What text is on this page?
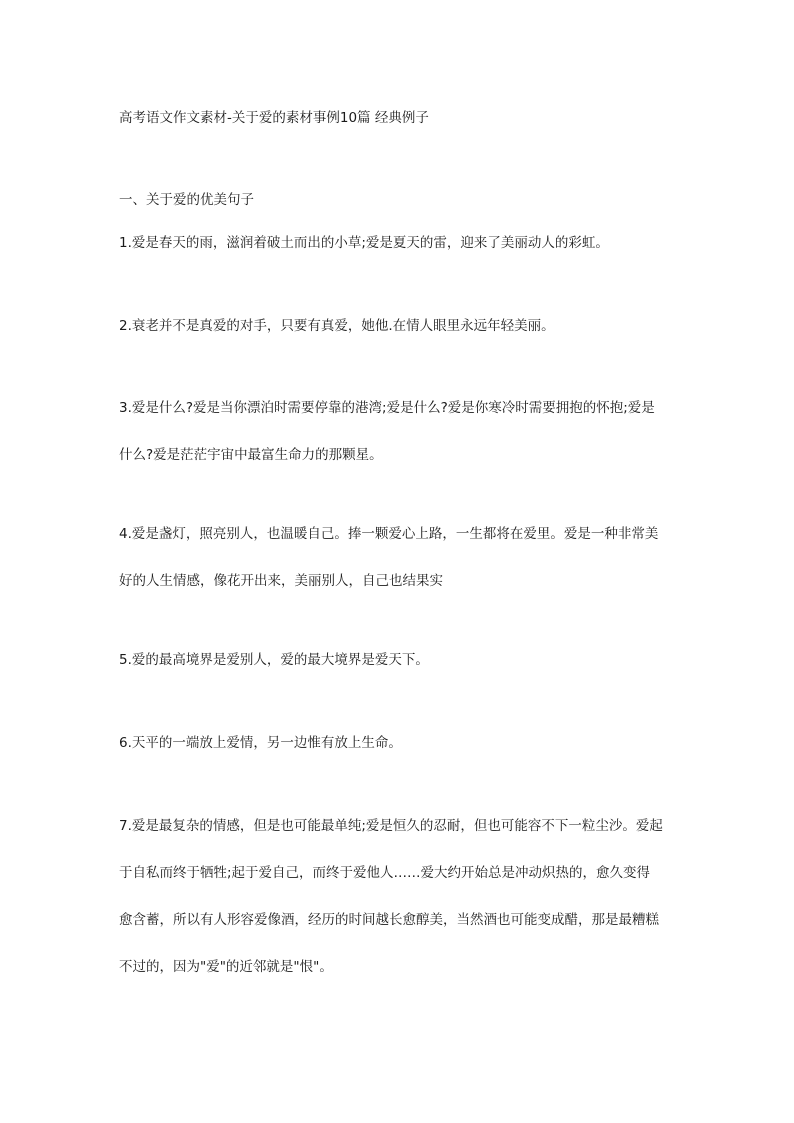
高考语文作文素材-关于爱的素材事例10篇 经典例子
一、关于爱的优美句子
1.爱是春天的雨，滋润着破土而出的小草;爱是夏天的雷，迎来了美丽动人的彩虹。
2.衰老并不是真爱的对手，只要有真爱，她他.在情人眼里永远年轻美丽。
3.爱是什么?爱是当你漂泊时需要停靠的港湾;爱是什么?爱是你寒冷时需要拥抱的怀抱;爱是
什么?爱是茫茫宇宙中最富生命力的那颗星。
4.爱是盏灯，照亮别人，也温暖自己。捧一颗爱心上路，一生都将在爱里。爱是一种非常美
好的人生情感，像花开出来，美丽别人，自己也结果实
5.爱的最高境界是爱别人，爱的最大境界是爱天下。
6.天平的一端放上爱情，另一边惟有放上生命。
7.爱是最复杂的情感，但是也可能最单纯;爱是恒久的忍耐，但也可能容不下一粒尘沙。爱起
于自私而终于牺牲;起于爱自己，而终于爱他人……爱大约开始总是冲动炽热的，愈久变得
愈含蓄，所以有人形容爱像酒，经历的时间越长愈醇美，当然酒也可能变成醋，那是最糟糕
不过的，因为"爱"的近邻就是"恨"。
